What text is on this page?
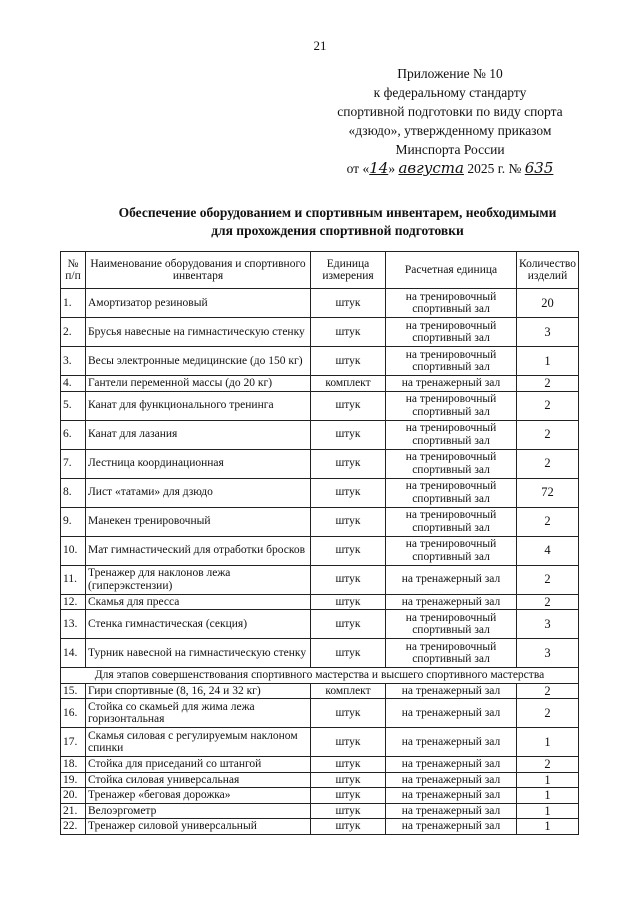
21
Приложение № 10
к федеральному стандарту
спортивной подготовки по виду спорта
«дзюдо», утвержденному приказом
Минспорта России
от «14» августа 2025 г. № 635
Обеспечение оборудованием и спортивным инвентарем, необходимыми
для прохождения спортивной подготовки
№ п/п	Наименование оборудования и спортивного инвентаря	Единица измерения	Расчетная единица	Количество изделий
1.	Амортизатор резиновый	штук	на тренировочный спортивный зал	20
2.	Брусья навесные на гимнастическую стенку	штук	на тренировочный спортивный зал	3
3.	Весы электронные медицинские (до 150 кг)	штук	на тренировочный спортивный зал	1
4.	Гантели переменной массы (до 20 кг)	комплект	на тренажерный зал	2
5.	Канат для функционального тренинга	штук	на тренировочный спортивный зал	2
6.	Канат для лазания	штук	на тренировочный спортивный зал	2
7.	Лестница координационная	штук	на тренировочный спортивный зал	2
8.	Лист «татами» для дзюдо	штук	на тренировочный спортивный зал	72
9.	Манекен тренировочный	штук	на тренировочный спортивный зал	2
10.	Мат гимнастический для отработки бросков	штук	на тренировочный спортивный зал	4
11.	Тренажер для наклонов лежа (гиперэкстензии)	штук	на тренажерный зал	2
12.	Скамья для пресса	штук	на тренажерный зал	2
13.	Стенка гимнастическая (секция)	штук	на тренировочный спортивный зал	3
14.	Турник навесной на гимнастическую стенку	штук	на тренировочный спортивный зал	3
Для этапов совершенствования спортивного мастерства и высшего спортивного мастерства				
15.	Гири спортивные (8, 16, 24 и 32 кг)	комплект	на тренажерный зал	2
16.	Стойка со скамьей для жима лежа горизонтальная	штук	на тренажерный зал	2
17.	Скамья силовая с регулируемым наклоном спинки	штук	на тренажерный зал	1
18.	Стойка для приседаний со штангой	штук	на тренажерный зал	2
19.	Стойка силовая универсальная	штук	на тренажерный зал	1
20.	Тренажер «беговая дорожка»	штук	на тренажерный зал	1
21.	Велоэргометр	штук	на тренажерный зал	1
22.	Тренажер силовой универсальный	штук	на тренажерный зал	1
